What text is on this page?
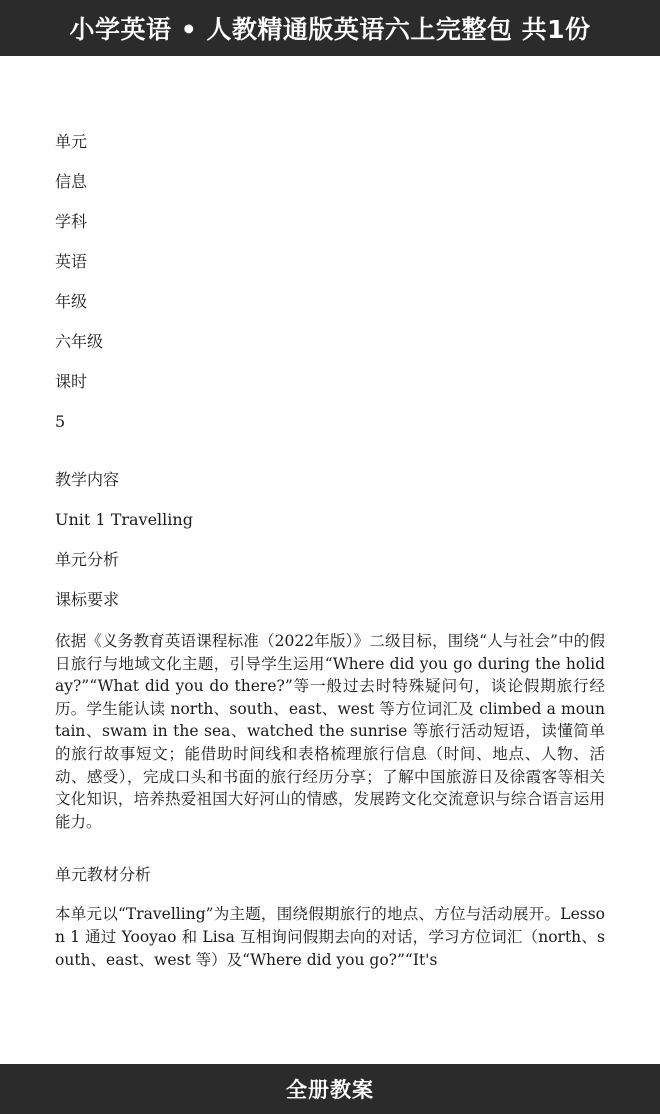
小学英语 • 人教精通版英语六上完整包 共1份
单元
信息
学科
英语
年级
六年级
课时
5
教学内容
Unit 1 Travelling
单元分析
课标要求

依据《义务教育英语课程标准（2022年版）》二级目标，围绕“人与社会”中的假日旅行与地域文化主题，引导学生运用“Where did you go during the holiday?”“What did you do there?”等一般过去时特殊疑问句，谈论假期旅行经历。学生能认读 north、south、east、west 等方位词汇及 climbed a mountain、swam in the sea、watched the sunrise 等旅行活动短语，读懂简单的旅行故事短文；能借助时间线和表格梳理旅行信息（时间、地点、人物、活动、感受），完成口头和书面的旅行经历分享；了解中国旅游日及徐霞客等相关文化知识，培养热爱祖国大好河山的情感，发展跨文化交流意识与综合语言运用能力。

单元教材分析

本单元以“Travelling”为主题，围绕假期旅行的地点、方位与活动展开。Lesson 1 通过 Yooyao 和 Lisa 互相询问假期去向的对话，学习方位词汇（north、south、east、west 等）及“Where did you go?”“It's

全册教案
